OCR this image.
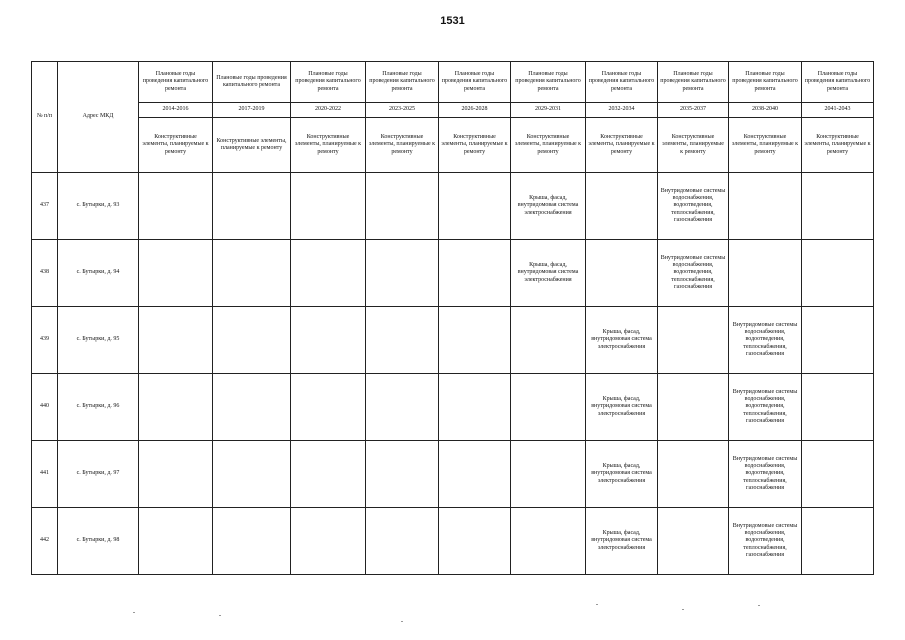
1531
№ п/п	Адрес МКД	Плановые годы проведения капитального ремонта	Плановые годы проведения капитального ремонта	Плановые годы проведения капитального ремонта	Плановые годы проведения капитального ремонта	Плановые годы проведения капитального ремонта	Плановые годы проведения капитального ремонта	Плановые годы проведения капитального ремонта	Плановые годы проведения капитального ремонта	Плановые годы проведения капитального ремонта	Плановые годы проведения капитального ремонта
		2014-2016	2017-2019	2020-2022	2023-2025	2026-2028	2029-2031	2032-2034	2035-2037	2038-2040	2041-2043
		Конструктивные элементы, планируемые к ремонту	Конструктивные элементы, планируемые к ремонту	Конструктивные элементы, планируемые к ремонту	Конструктивные элементы, планируемые к ремонту	Конструктивные элементы, планируемые к ремонту	Конструктивные элементы, планируемые к ремонту	Конструктивные элементы, планируемые к ремонту	Конструктивные элементы, планируемые к ремонту	Конструктивные элементы, планируемые к ремонту	Конструктивные элементы, планируемые к ремонту
437	с. Бутырки, д. 93						Крыша, фасад, внутридомовая система электроснабжения		Внутридомовые системы водоснабжения, водоотведения, теплоснабжения, газоснабжения		
438	с. Бутырки, д. 94						Крыша, фасад, внутридомовая система электроснабжения		Внутридомовые системы водоснабжения, водоотведения, теплоснабжения, газоснабжения		
439	с. Бутырки, д. 95							Крыша, фасад, внутридомовая система электроснабжения		Внутридомовые системы водоснабжения, водоотведения, теплоснабжения, газоснабжения	
440	с. Бутырки, д. 96							Крыша, фасад, внутридомовая система электроснабжения		Внутридомовые системы водоснабжения, водоотведения, теплоснабжения, газоснабжения	
441	с. Бутырки, д. 97							Крыша, фасад, внутридомовая система электроснабжения		Внутридомовые системы водоснабжения, водоотведения, теплоснабжения, газоснабжения	
442	с. Бутырки, д. 98							Крыша, фасад, внутридомовая система электроснабжения		Внутридомовые системы водоснабжения, водоотведения, теплоснабжения, газоснабжения	
